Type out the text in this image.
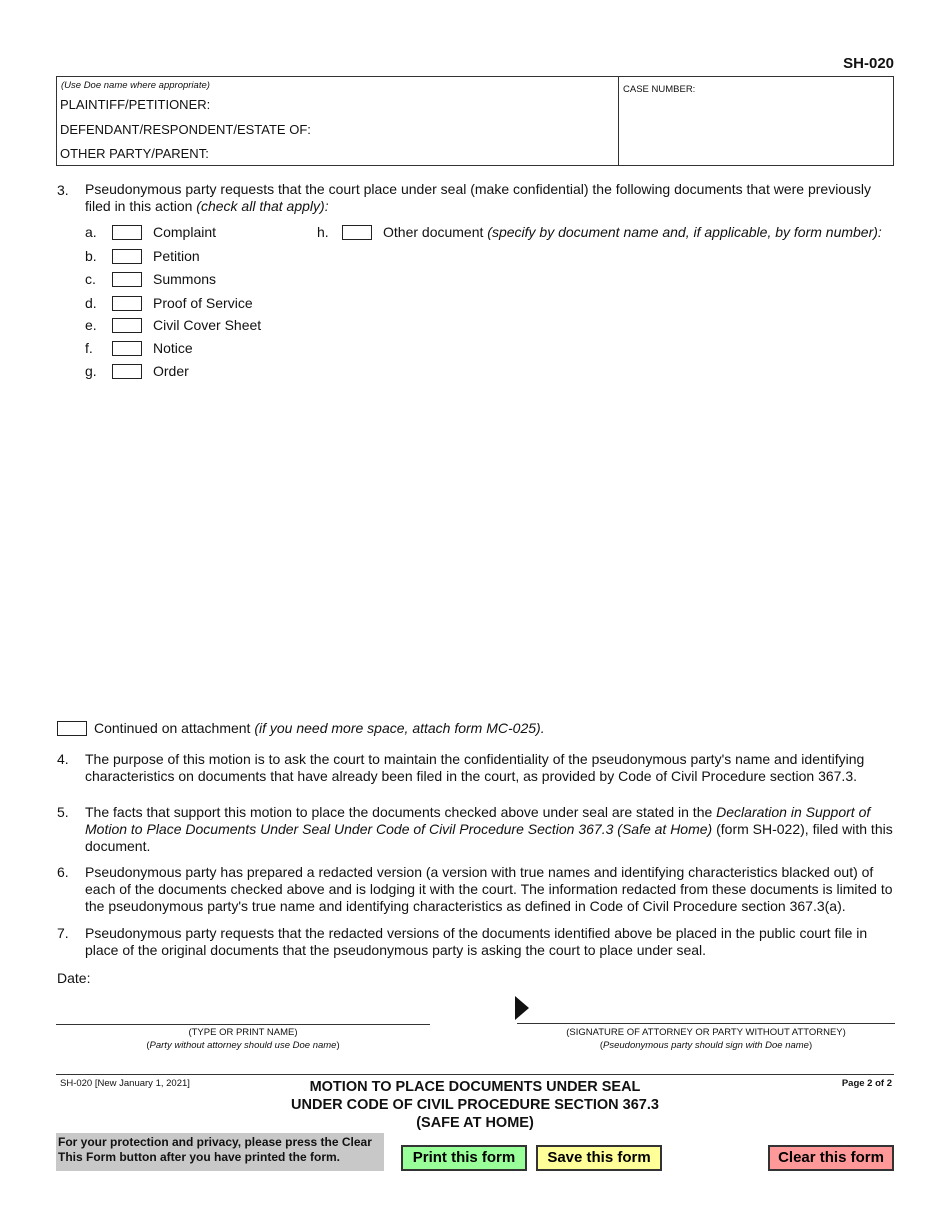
SH-020
(Use Doe name where appropriate)
PLAINTIFF/PETITIONER:
DEFENDANT/RESPONDENT/ESTATE OF:
OTHER PARTY/PARENT:
CASE NUMBER:
3. Pseudonymous party requests that the court place under seal (make confidential) the following documents that were previously
filed in this action (check all that apply):
a.	Complaint
b.	Petition
c.	Summons
d.	Proof of Service
e.	Civil Cover Sheet
f.	Notice
g.	Order
h.	Other document (specify by document name and, if applicable, by form number):
Continued on attachment (if you need more space, attach form MC-025).
4. The purpose of this motion is to ask the court to maintain the confidentiality of the pseudonymous party's name and identifying
characteristics on documents that have already been filed in the court, as provided by Code of Civil Procedure section 367.3.
5. The facts that support this motion to place the documents checked above under seal are stated in the Declaration in Support of
Motion to Place Documents Under Seal Under Code of Civil Procedure Section 367.3 (Safe at Home) (form SH-022), filed with this
document.
6. Pseudonymous party has prepared a redacted version (a version with true names and identifying characteristics blacked out) of
each of the documents checked above and is lodging it with the court. The information redacted from these documents is limited to
the pseudonymous party's true name and identifying characteristics as defined in Code of Civil Procedure section 367.3(a).
7. Pseudonymous party requests that the redacted versions of the documents identified above be placed in the public court file in
place of the original documents that the pseudonymous party is asking the court to place under seal.
Date:
(TYPE OR PRINT NAME)
(Party without attorney should use Doe name)
(SIGNATURE OF ATTORNEY OR PARTY WITHOUT ATTORNEY)
(Pseudonymous party should sign with Doe name)
SH-020 [New January 1, 2021]	MOTION TO PLACE DOCUMENTS UNDER SEAL
UNDER CODE OF CIVIL PROCEDURE SECTION 367.3
(SAFE AT HOME)
Page 2 of 2
For your protection and privacy, please press the Clear This Form button after you have printed the form.	Print this form	Save this form	Clear this form
